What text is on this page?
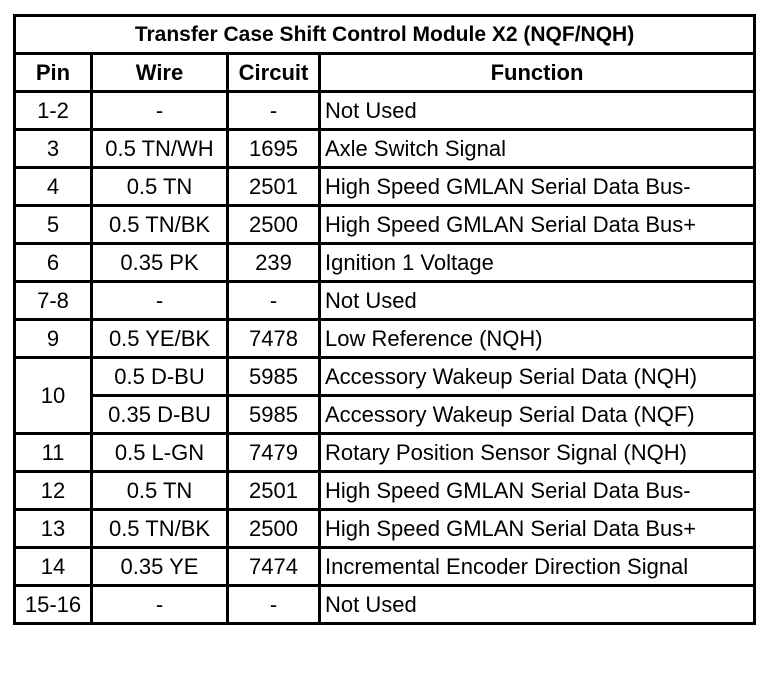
Transfer Case Shift Control Module X2 (NQF/NQH)			
Pin	Wire	Circuit	Function
1-2	-	-	Not Used
3	0.5 TN/WH	1695	Axle Switch Signal
4	0.5 TN	2501	High Speed GMLAN Serial Data Bus-
5	0.5 TN/BK	2500	High Speed GMLAN Serial Data Bus+
6	0.35 PK	239	Ignition 1 Voltage
7-8	-	-	Not Used
9	0.5 YE/BK	7478	Low Reference (NQH)
10	0.5 D-BU	5985	Accessory Wakeup Serial Data (NQH)
	0.35 D-BU	5985	Accessory Wakeup Serial Data (NQF)
11	0.5 L-GN	7479	Rotary Position Sensor Signal (NQH)
12	0.5 TN	2501	High Speed GMLAN Serial Data Bus-
13	0.5 TN/BK	2500	High Speed GMLAN Serial Data Bus+
14	0.35 YE	7474	Incremental Encoder Direction Signal
15-16	-	-	Not Used
